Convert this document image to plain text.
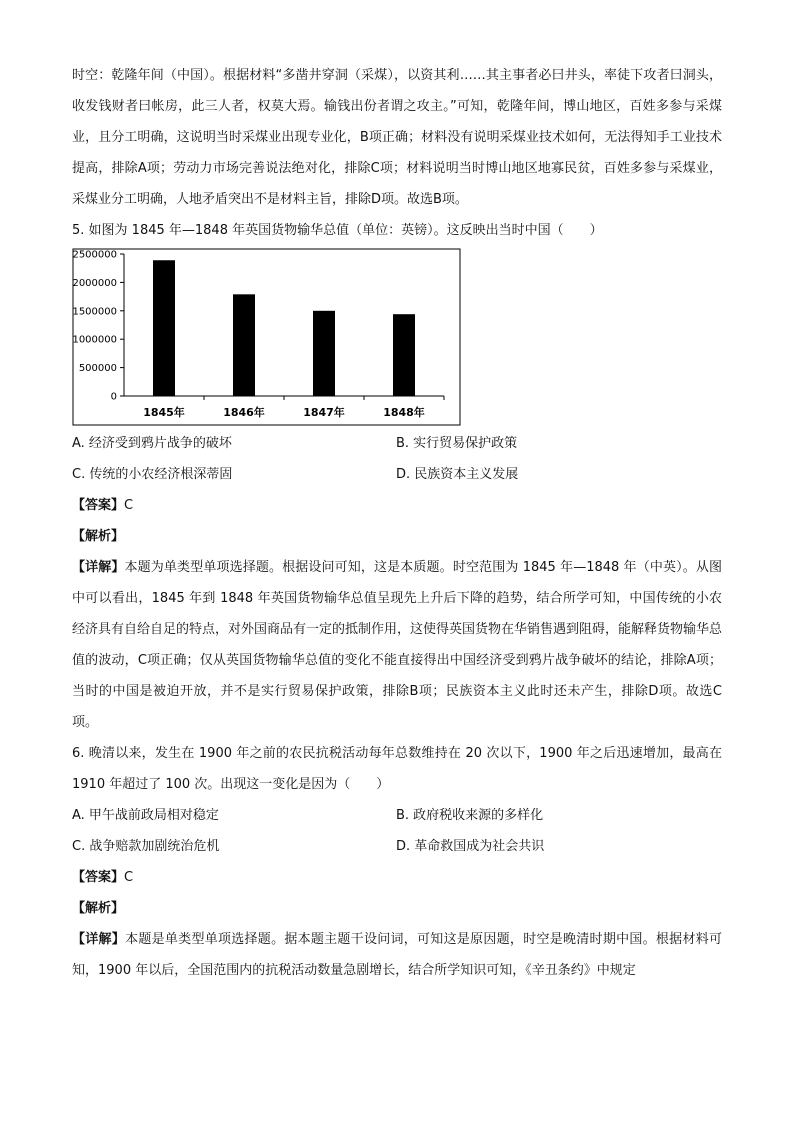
时空：乾隆年间（中国）。根据材料“多凿井穿洞（采煤），以资其利……其主事者必曰井头，率徒下攻者曰洞头，收发钱财者曰帐房，此三人者，权莫大焉。输钱出份者谓之攻主。”可知，乾隆年间，博山地区，百姓多参与采煤业，且分工明确，这说明当时采煤业出现专业化，B项正确；材料没有说明采煤业技术如何，无法得知手工业技术提高，排除A项；劳动力市场完善说法绝对化，排除C项；材料说明当时博山地区地寡民贫，百姓多参与采煤业，采煤业分工明确，人地矛盾突出不是材料主旨，排除D项。故选B项。

5. 如图为 1845 年—1848 年英国货物输华总值（单位：英镑）。这反映出当时中国（　　）

0
500000
1000000
1500000
2000000
2500000
1845年	1846年	1847年	1848年
A. 经济受到鸦片战争的破坏	B. 实行贸易保护政策
C. 传统的小农经济根深蒂固	D. 民族资本主义发展

【答案】C

【解析】

【详解】本题为单类型单项选择题。根据设问可知，这是本质题。时空范围为 1845 年—1848 年（中英）。从图中可以看出，1845 年到 1848 年英国货物输华总值呈现先上升后下降的趋势，结合所学可知，中国传统的小农经济具有自给自足的特点，对外国商品有一定的抵制作用，这使得英国货物在华销售遇到阻碍，能解释货物输华总值的波动，C项正确；仅从英国货物输华总值的变化不能直接得出中国经济受到鸦片战争破坏的结论，排除A项；当时的中国是被迫开放，并不是实行贸易保护政策，排除B项；民族资本主义此时还未产生，排除D项。故选C项。

6. 晚清以来，发生在 1900 年之前的农民抗税活动每年总数维持在 20 次以下，1900 年之后迅速增加，最高在 1910 年超过了 100 次。出现这一变化是因为（　　）

A. 甲午战前政局相对稳定	B. 政府税收来源的多样化
C. 战争赔款加剧统治危机	D. 革命救国成为社会共识

【答案】C

【解析】

【详解】本题是单类型单项选择题。据本题主题干设问词，可知这是原因题，时空是晚清时期中国。根据材料可知，1900 年以后，全国范围内的抗税活动数量急剧增长，结合所学知识可知，《辛丑条约》中规定
